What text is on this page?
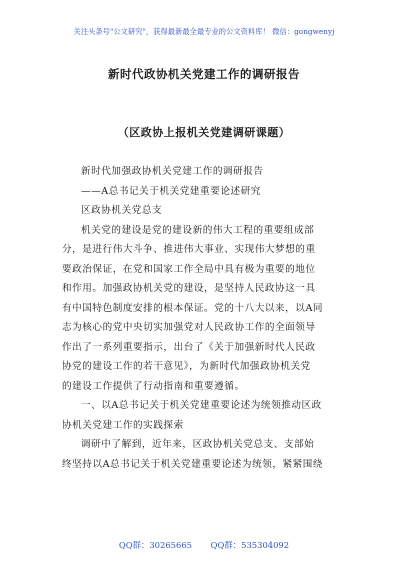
关注头条号"公文研究"，获得最新最全最专业的公文资料库！ 微信：gongwenyj
新时代政协机关党建工作的调研报告
（区政协上报机关党建调研课题）
新时代加强政协机关党建工作的调研报告
——A总书记关于机关党建重要论述研究
区政协机关党总支
机关党的建设是党的建设新的伟大工程的重要组成部
分，是进行伟大斗争、推进伟大事业、实现伟大梦想的重
要政治保证，在党和国家工作全局中具有极为重要的地位
和作用。加强政协机关党的建设，是坚持人民政协这一具
有中国特色制度安排的根本保证。党的十八大以来，以A同
志为核心的党中央切实加强党对人民政协工作的全面领导
作出了一系列重要指示，出台了《关于加强新时代人民政
协党的建设工作的若干意见》，为新时代加强政协机关党
的建设工作提供了行动指南和重要遵循。
一、以A总书记关于机关党建重要论述为统领推动区政
协机关党建工作的实践探索
调研中了解到，近年来，区政协机关党总支、支部始
终坚持以A总书记关于机关党建重要论述为统领，紧紧围绕
QQ群：30265665 QQ群：535304092
